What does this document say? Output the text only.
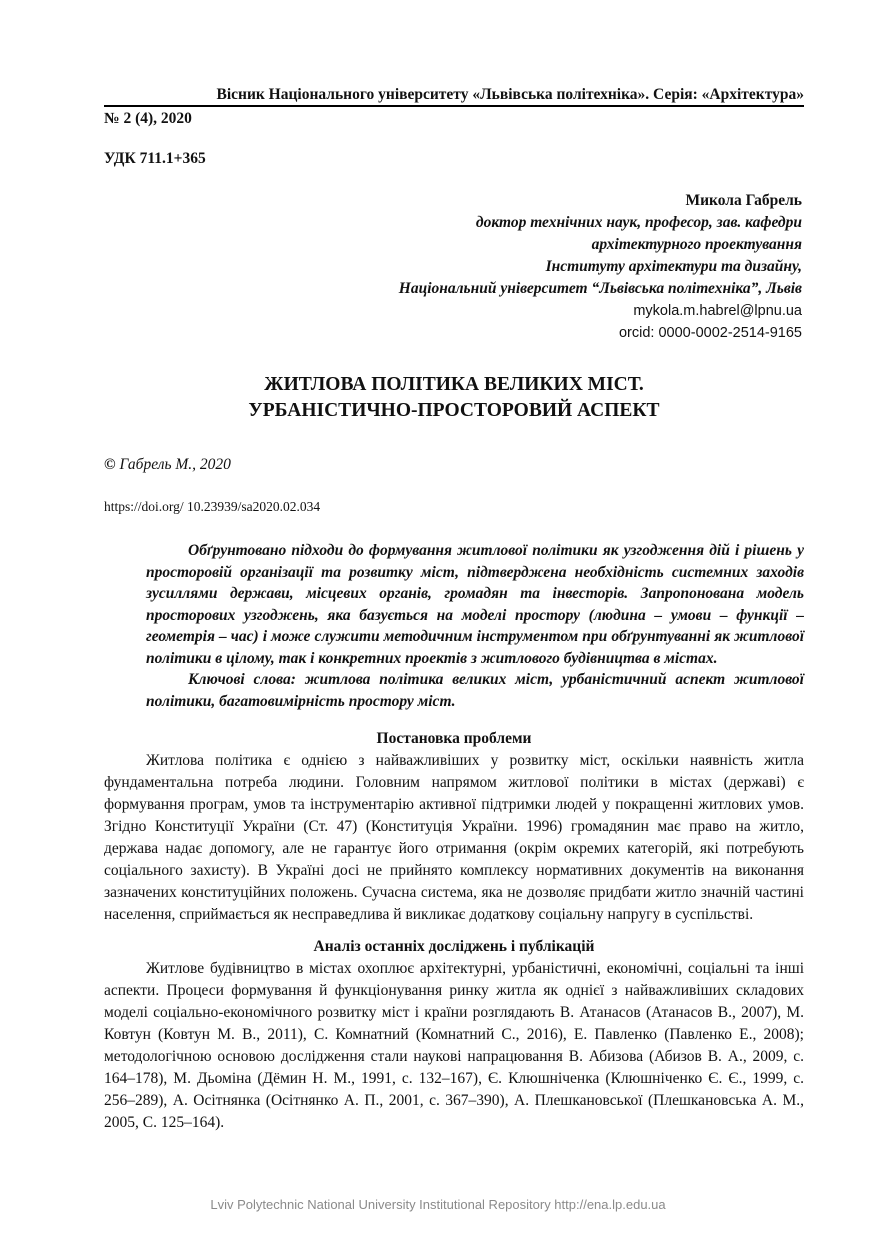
Вісник Національного університету «Львівська політехніка». Серія: «Архітектура»
№ 2 (4), 2020
УДК 711.1+365
Микола Габрель
доктор технічних наук, професор, зав. кафедри
архітектурного проектування
Інституту архітектури та дизайну,
Національний університет “Львівська політехніка”, Львів
mykola.m.habrel@lpnu.ua
orcid: 0000-0002-2514-9165
ЖИТЛОВА ПОЛІТИКА ВЕЛИКИХ МІСТ.
УРБАНІСТИЧНО-ПРОСТОРОВИЙ АСПЕКТ
© Габрель М., 2020
https://doi.org/ 10.23939/sa2020.02.034

Обґрунтовано підходи до формування житлової політики як узгодження дій і рішень у просторовій організації та розвитку міст, підтверджена необхідність системних заходів зусиллями держави, місцевих органів, громадян та інвесторів. Запропонована модель просторових узгоджень, яка базується на моделі простору (людина – умови – функції – геометрія – час) і може служити методичним інструментом при обґрунтуванні як житлової політики в цілому, так і конкретних проектів з житлового будівництва в містах.

Ключові слова: житлова політика великих міст, урбаністичний аспект житлової політики, багатовимірність простору міст.

Постановка проблеми

Житлова політика є однією з найважливіших у розвитку міст, оскільки наявність житла фундаментальна потреба людини. Головним напрямом житлової політики в містах (державі) є формування програм, умов та інструментарію активної підтримки людей у покращенні житлових умов. Згідно Конституції України (Ст. 47) (Конституція України. 1996) громадянин має право на житло, держава надає допомогу, але не гарантує його отримання (окрім окремих категорій, які потребують соціального захисту). В Україні досі не прийнято комплексу нормативних документів на виконання зазначених конституційних положень. Сучасна система, яка не дозволяє придбати житло значній частині населення, сприймається як несправедлива й викликає додаткову соціальну напругу в суспільстві.

Аналіз останніх досліджень і публікацій

Житлове будівництво в містах охоплює архітектурні, урбаністичні, економічні, соціальні та інші аспекти. Процеси формування й функціонування ринку житла як однієї з найважливіших складових моделі соціально-економічного розвитку міст і країни розглядають В. Атанасов (Атанасов В., 2007), М. Ковтун (Ковтун М. В., 2011), С. Комнатний (Комнатний С., 2016), Е. Павленко (Павленко Е., 2008); методологічною основою дослідження стали наукові напрацювання В. Абизова (Абизов В. А., 2009, с. 164–178), М. Дьоміна (Дёмин Н. М., 1991, с. 132–167), Є. Клюшніченка (Клюшніченко Є. Є., 1999, с. 256–289), А. Осітнянка (Осітнянко А. П., 2001, с. 367–390), А. Плешкановської (Плешкановська А. М., 2005, С. 125–164).

Lviv Polytechnic National University Institutional Repository http://ena.lp.edu.ua
